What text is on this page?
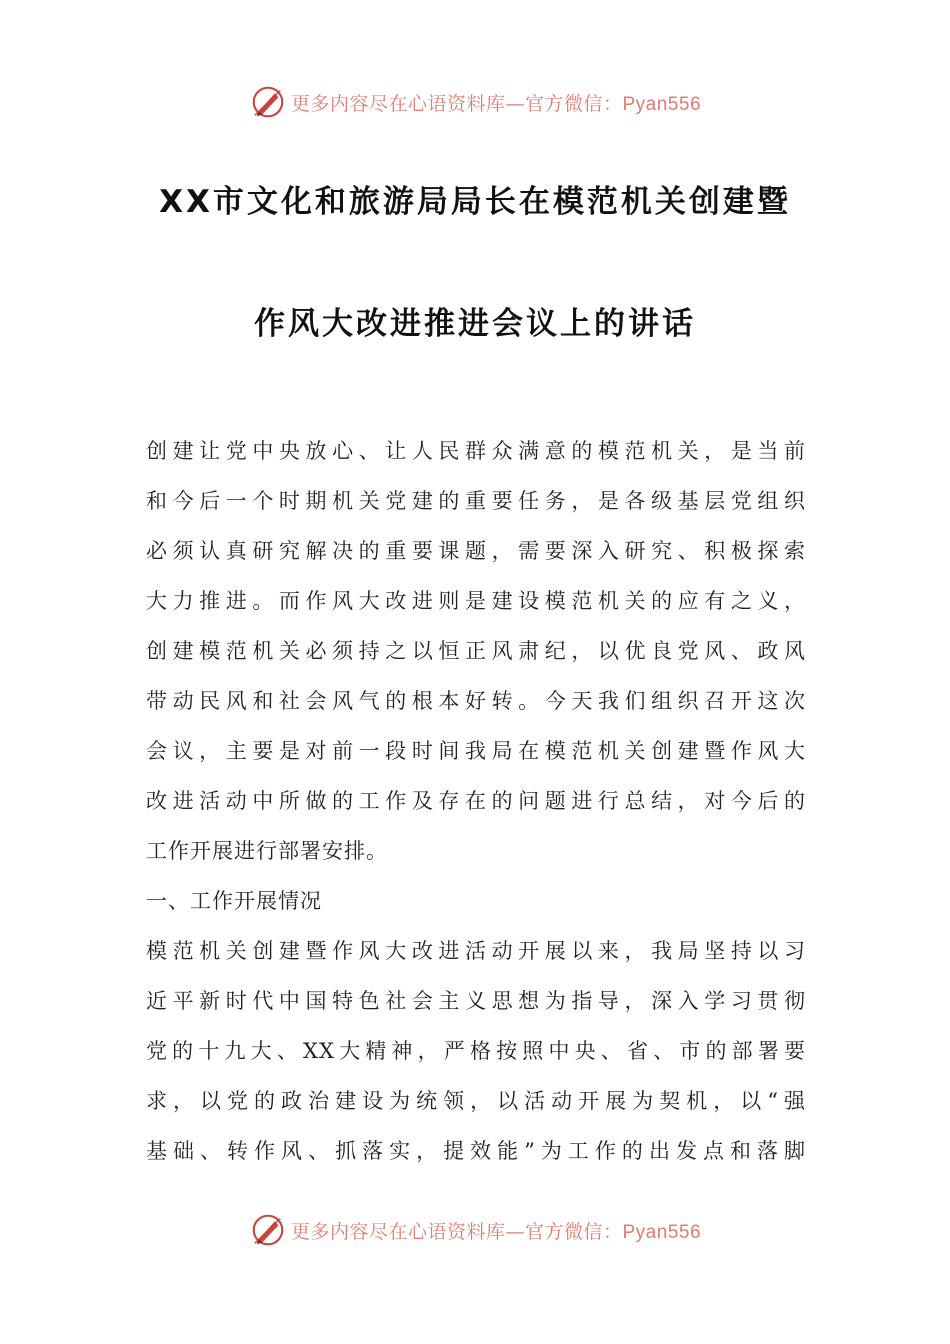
更多内容尽在心语资料库—官方微信：Pyan556
XX市文化和旅游局局长在模范机关创建暨
作风大改进推进会议上的讲话
创建让党中央放心、让人民群众满意的模范机关，是当前
和今后一个时期机关党建的重要任务，是各级基层党组织
必须认真研究解决的重要课题，需要深入研究、积极探索
大力推进。而作风大改进则是建设模范机关的应有之义，
创建模范机关必须持之以恒正风肃纪，以优良党风、政风
带动民风和社会风气的根本好转。今天我们组织召开这次
会议，主要是对前一段时间我局在模范机关创建暨作风大
改进活动中所做的工作及存在的问题进行总结，对今后的
工作开展进行部署安排。
一、工作开展情况
模范机关创建暨作风大改进活动开展以来，我局坚持以习
近平新时代中国特色社会主义思想为指导，深入学习贯彻
党的十九大、XX大精神，严格按照中央、省、市的部署要
求，以党的政治建设为统领，以活动开展为契机，以“强
基础、转作风、抓落实，提效能”为工作的出发点和落脚
更多内容尽在心语资料库—官方微信：Pyan556
